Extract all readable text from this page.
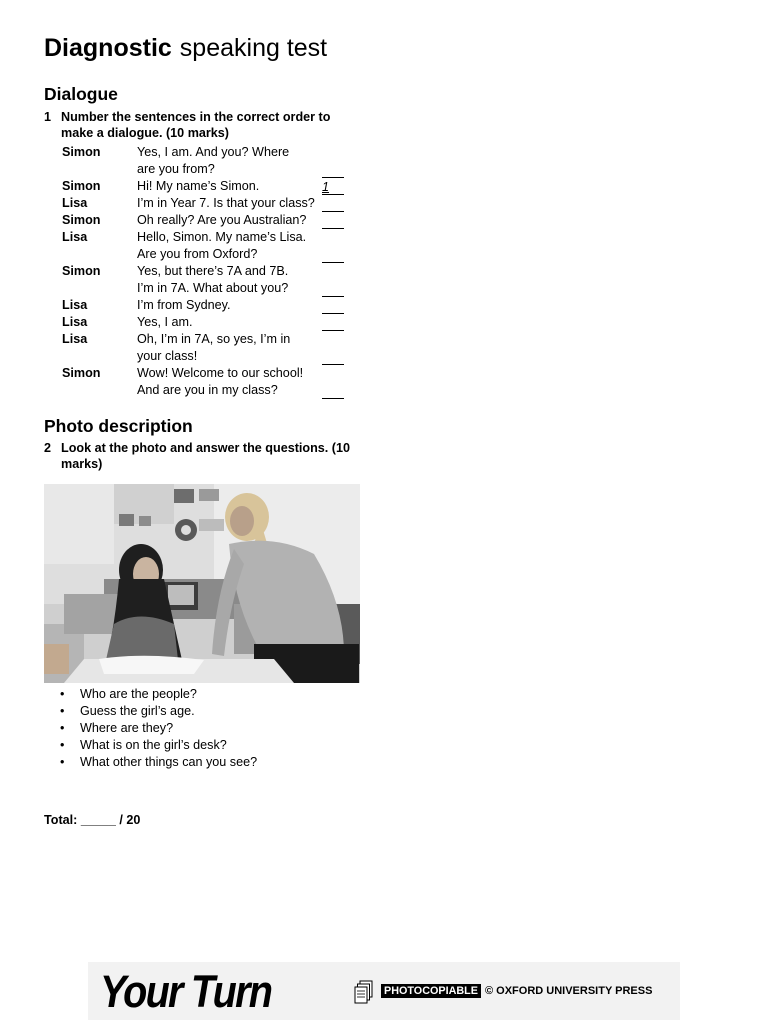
Diagnostic speaking test
Dialogue
1 Number the sentences in the correct order to make a dialogue. (10 marks)
Simon	Yes, I am. And you? Where
are you from?
Simon	Hi! My name’s Simon.	1
Lisa	I’m in Year 7. Is that your class?
Simon	Oh really? Are you Australian?
Lisa	Hello, Simon. My name’s Lisa.
Are you from Oxford?
Simon	Yes, but there’s 7A and 7B.
I’m in 7A. What about you?
Lisa	I’m from Sydney.
Lisa	Yes, I am.
Lisa	Oh, I’m in 7A, so yes, I’m in
your class!
Simon	Wow! Welcome to our school!
And are you in my class?
Photo description
2 Look at the photo and answer the questions. (10 marks)
• Who are the people?
• Guess the girl’s age.
• Where are they?
• What is on the girl’s desk?
• What other things can you see?
Total: _____ / 20
Your Turn	PHOTOCOPIABLE © OXFORD UNIVERSITY PRESS
